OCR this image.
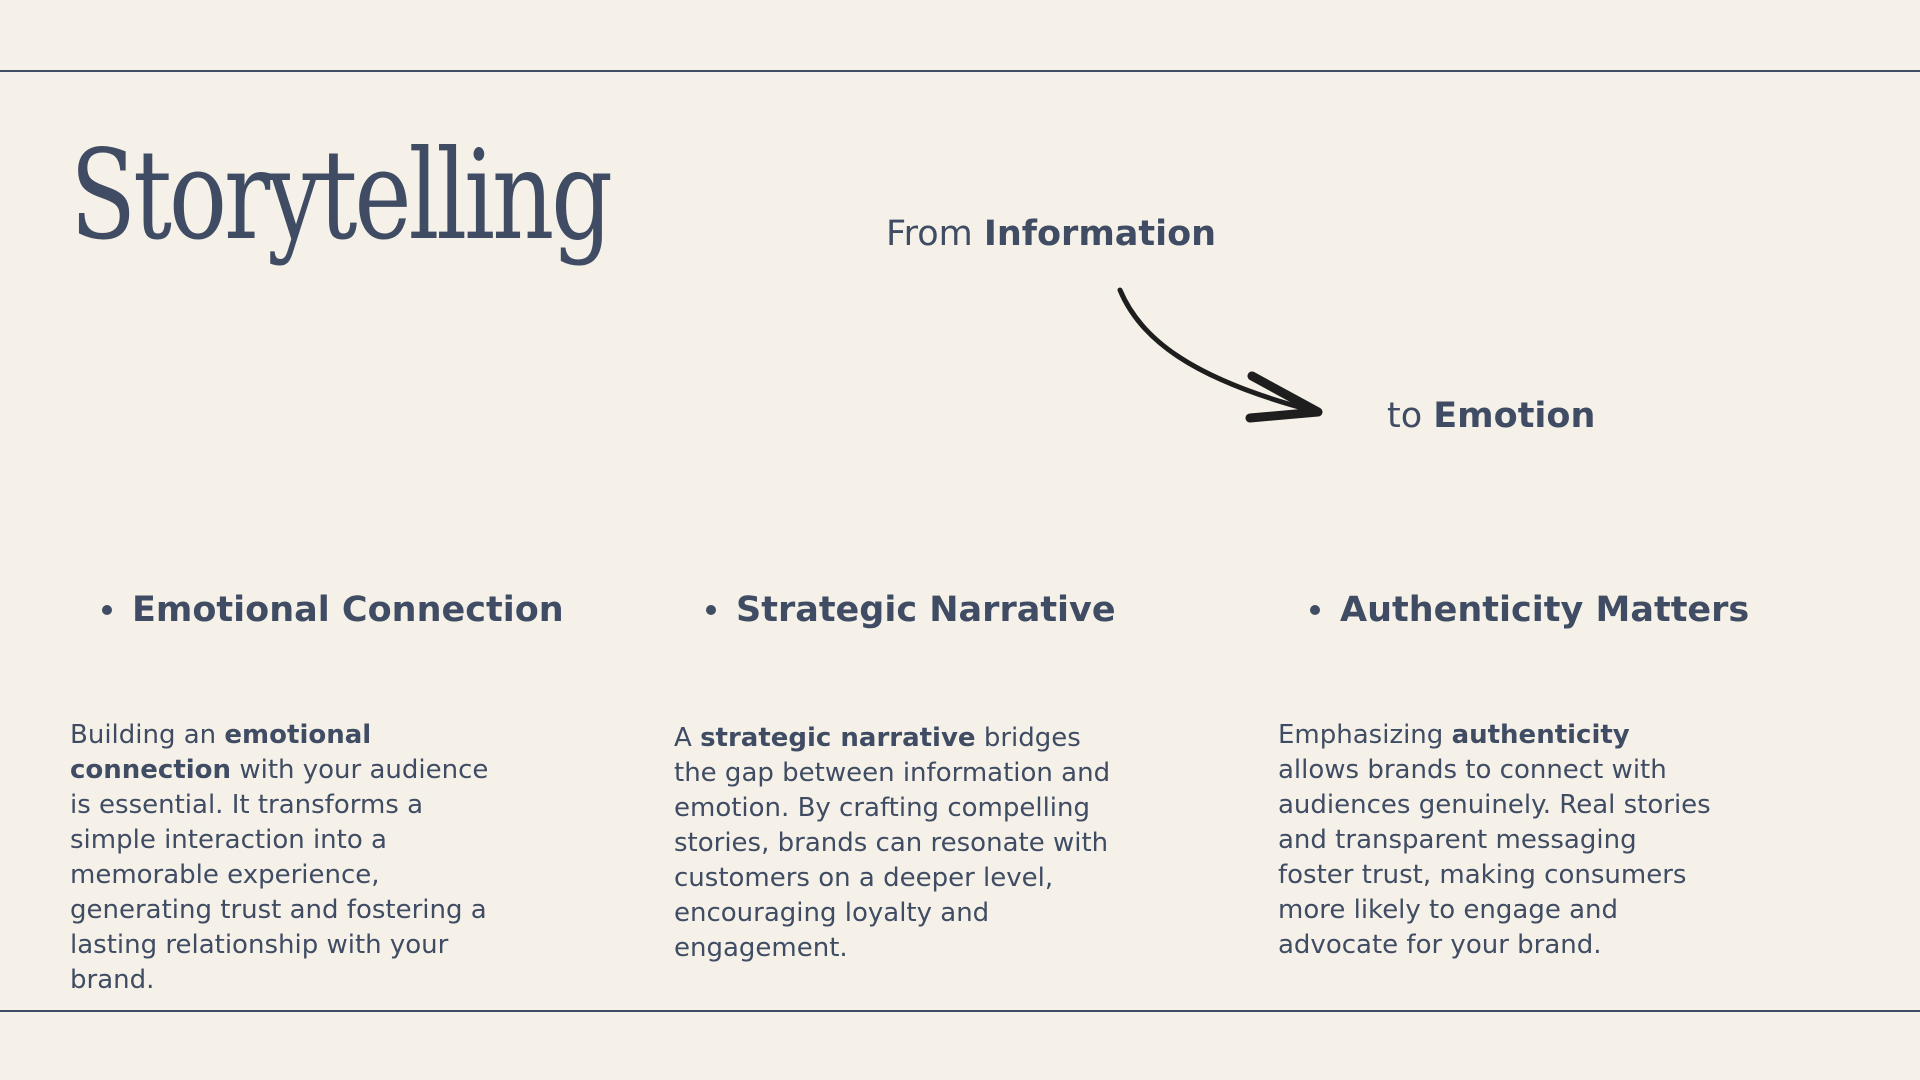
Storytelling	From Information
to Emotion
Emotional Connection

Building an emotional connection with your audience is essential. It transforms a simple interaction into a memorable experience, generating trust and fostering a lasting relationship with your brand.

Strategic Narrative

A strategic narrative bridges the gap between information and emotion. By crafting compelling stories, brands can resonate with customers on a deeper level, encouraging loyalty and engagement.

Authenticity Matters

Emphasizing authenticity allows brands to connect with audiences genuinely. Real stories and transparent messaging foster trust, making consumers more likely to engage and advocate for your brand.
